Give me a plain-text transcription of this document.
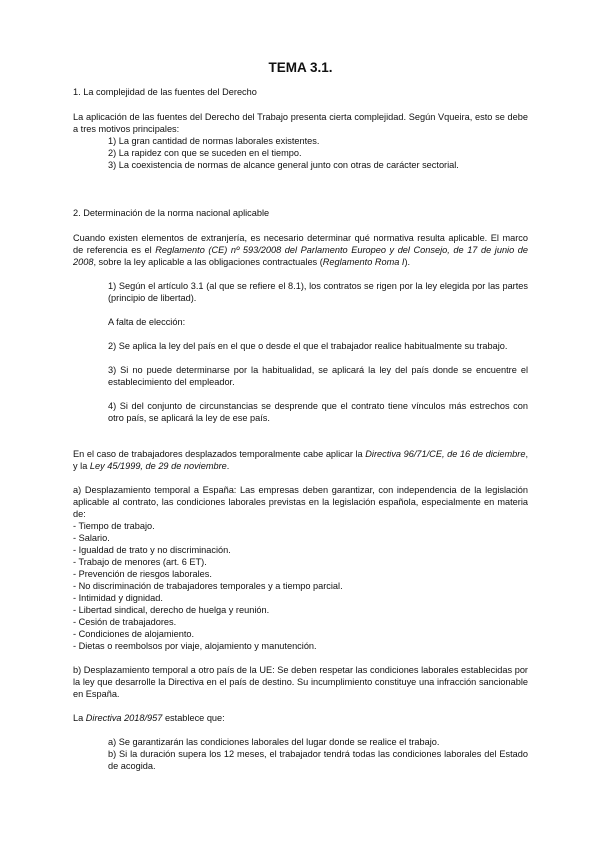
TEMA 3.1.

1. La complejidad de las fuentes del Derecho

La aplicación de las fuentes del Derecho del Trabajo presenta cierta complejidad. Según Vqueira, esto se debe a tres motivos principales:

1) La gran cantidad de normas laborales existentes.
2) La rapidez con que se suceden en el tiempo.
3) La coexistencia de normas de alcance general junto con otras de carácter sectorial.

2. Determinación de la norma nacional aplicable

Cuando existen elementos de extranjería, es necesario determinar qué normativa resulta aplicable. El marco de referencia es el Reglamento (CE) nº 593/2008 del Parlamento Europeo y del Consejo, de 17 de junio de 2008, sobre la ley aplicable a las obligaciones contractuales (Reglamento Roma I).

1) Según el artículo 3.1 (al que se refiere el 8.1), los contratos se rigen por la ley elegida por las partes (principio de libertad).

A falta de elección:

2) Se aplica la ley del país en el que o desde el que el trabajador realice habitualmente su trabajo.

3) Si no puede determinarse por la habitualidad, se aplicará la ley del país donde se encuentre el establecimiento del empleador.

4) Si del conjunto de circunstancias se desprende que el contrato tiene vínculos más estrechos con otro país, se aplicará la ley de ese país.

En el caso de trabajadores desplazados temporalmente cabe aplicar la Directiva 96/71/CE, de 16 de diciembre, y la Ley 45/1999, de 29 de noviembre.

a) Desplazamiento temporal a España: Las empresas deben garantizar, con independencia de la legislación aplicable al contrato, las condiciones laborales previstas en la legislación española, especialmente en materia de:

- Tiempo de trabajo.
- Salario.
- Igualdad de trato y no discriminación.
- Trabajo de menores (art. 6 ET).
- Prevención de riesgos laborales.
- No discriminación de trabajadores temporales y a tiempo parcial.
- Intimidad y dignidad.
- Libertad sindical, derecho de huelga y reunión.
- Cesión de trabajadores.
- Condiciones de alojamiento.
- Dietas o reembolsos por viaje, alojamiento y manutención.

b) Desplazamiento temporal a otro país de la UE: Se deben respetar las condiciones laborales establecidas por la ley que desarrolle la Directiva en el país de destino. Su incumplimiento constituye una infracción sancionable en España.

La Directiva 2018/957 establece que:

a) Se garantizarán las condiciones laborales del lugar donde se realice el trabajo.

b) Si la duración supera los 12 meses, el trabajador tendrá todas las condiciones laborales del Estado de acogida.
